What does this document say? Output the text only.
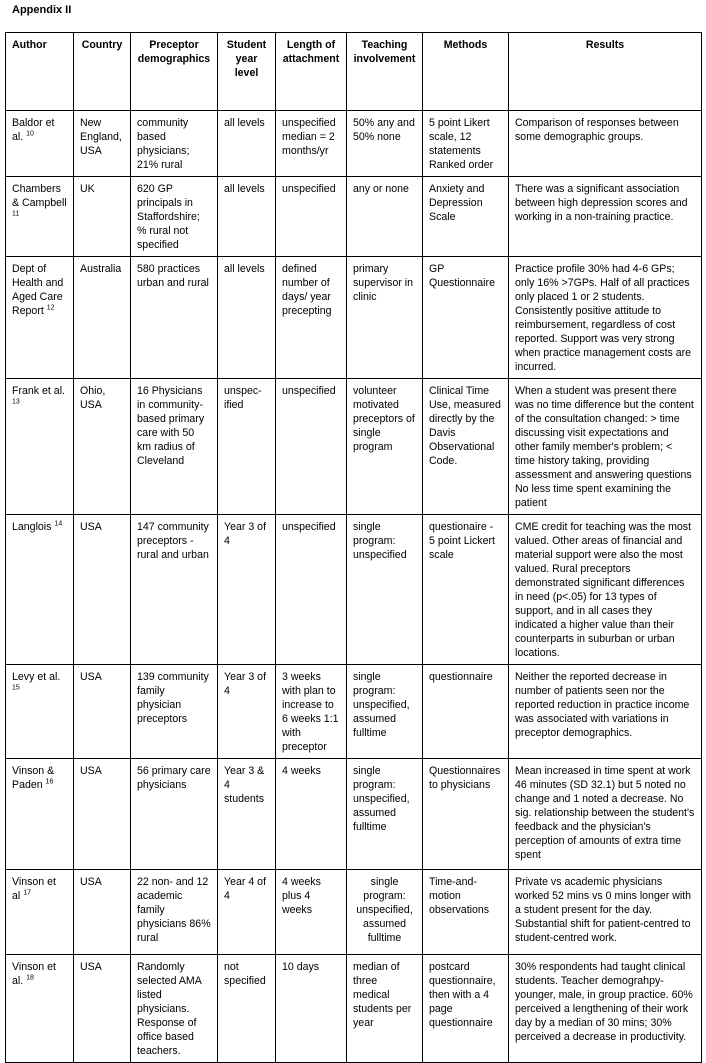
Appendix II
Author	Country	Preceptor demographics	Student year level	Length of attachment	Teaching involvement	Methods	Results
Baldor et al. $^{10}$	New England, USA	community based physicians; 21% rural	all levels	unspecified median = 2 months/yr	50% any and 50% none	5 point Likert scale, 12 statements Ranked order	Comparison of responses between some demographic groups.
Chambers & Campbell $^{11}$	UK	620 GP principals in Staffordshire; % rural not specified	all levels	unspecified	any or none	Anxiety and Depression Scale	There was a significant association between high depression scores and working in a non-training practice.
Dept of Health and Aged Care Report $^{12}$	Australia	580 practices urban and rural	all levels	defined number of days/ year precepting	primary supervisor in clinic	GP Questionnaire	Practice profile 30% had 4-6 GPs; only 16% >7GPs. Half of all practices only placed 1 or 2 students. Consistently positive attitude to reimbursement, regardless of cost reported. Support was very strong when practice management costs are incurred.
Frank et al. $^{13}$	Ohio, USA	16 Physicians in community-based primary care with 50 km radius of Cleveland	unspec-ified	unspecified	volunteer motivated preceptors of single program	Clinical Time Use, measured directly by the Davis Observational Code.	When a student was present there was no time difference but the content of the consultation changed: > time discussing visit expectations and other family member's problem; < time history taking, providing assessment and answering questions No less time spent examining the patient
Langlois $^{14}$	USA	147 community preceptors - rural and urban	Year 3 of 4	unspecified	single program: unspecified	questionaire - 5 point Lickert scale	CME credit for teaching was the most valued. Other areas of financial and material support were also the most valued. Rural preceptors demonstrated significant differences in need (p<.05) for 13 types of support, and in all cases they indicated a higher value than their counterparts in suburban or urban locations.
Levy et al. $^{15}$	USA	139 community family physician preceptors	Year 3 of 4	3 weeks with plan to increase to 6 weeks 1:1 with preceptor	single program: unspecified, assumed fulltime	questionnaire	Neither the reported decrease in number of patients seen nor the reported reduction in practice income was associated with variations in preceptor demographics.
Vinson & Paden $^{16}$	USA	56 primary care physicians	Year 3 & 4 students	4 weeks	single program: unspecified, assumed fulltime	Questionnaires to physicians	Mean increased in time spent at work 46 minutes (SD 32.1) but 5 noted no change and 1 noted a decrease. No sig. relationship between the student's feedback and the physician's perception of amounts of extra time spent
Vinson et al $^{17}$	USA	22 non- and 12 academic family physicians 86% rural	Year 4 of 4	4 weeks plus 4 weeks	single program: unspecified, assumed fulltime	Time-and-motion observations	Private vs academic physicians worked 52 mins vs 0 mins longer with a student present for the day. Substantial shift for patient-centred to student-centred work.
Vinson et al. $^{18}$	USA	Randomly selected AMA listed physicians. Response of office based teachers.	not specified	10 days	median of three medical students per year	postcard questionnaire, then with a 4 page questionnaire	30% respondents had taught clinical students. Teacher demograhpy- younger, male, in group practice. 60% perceived a lengthening of their work day by a median of 30 mins; 30% perceived a decrease in productivity.
